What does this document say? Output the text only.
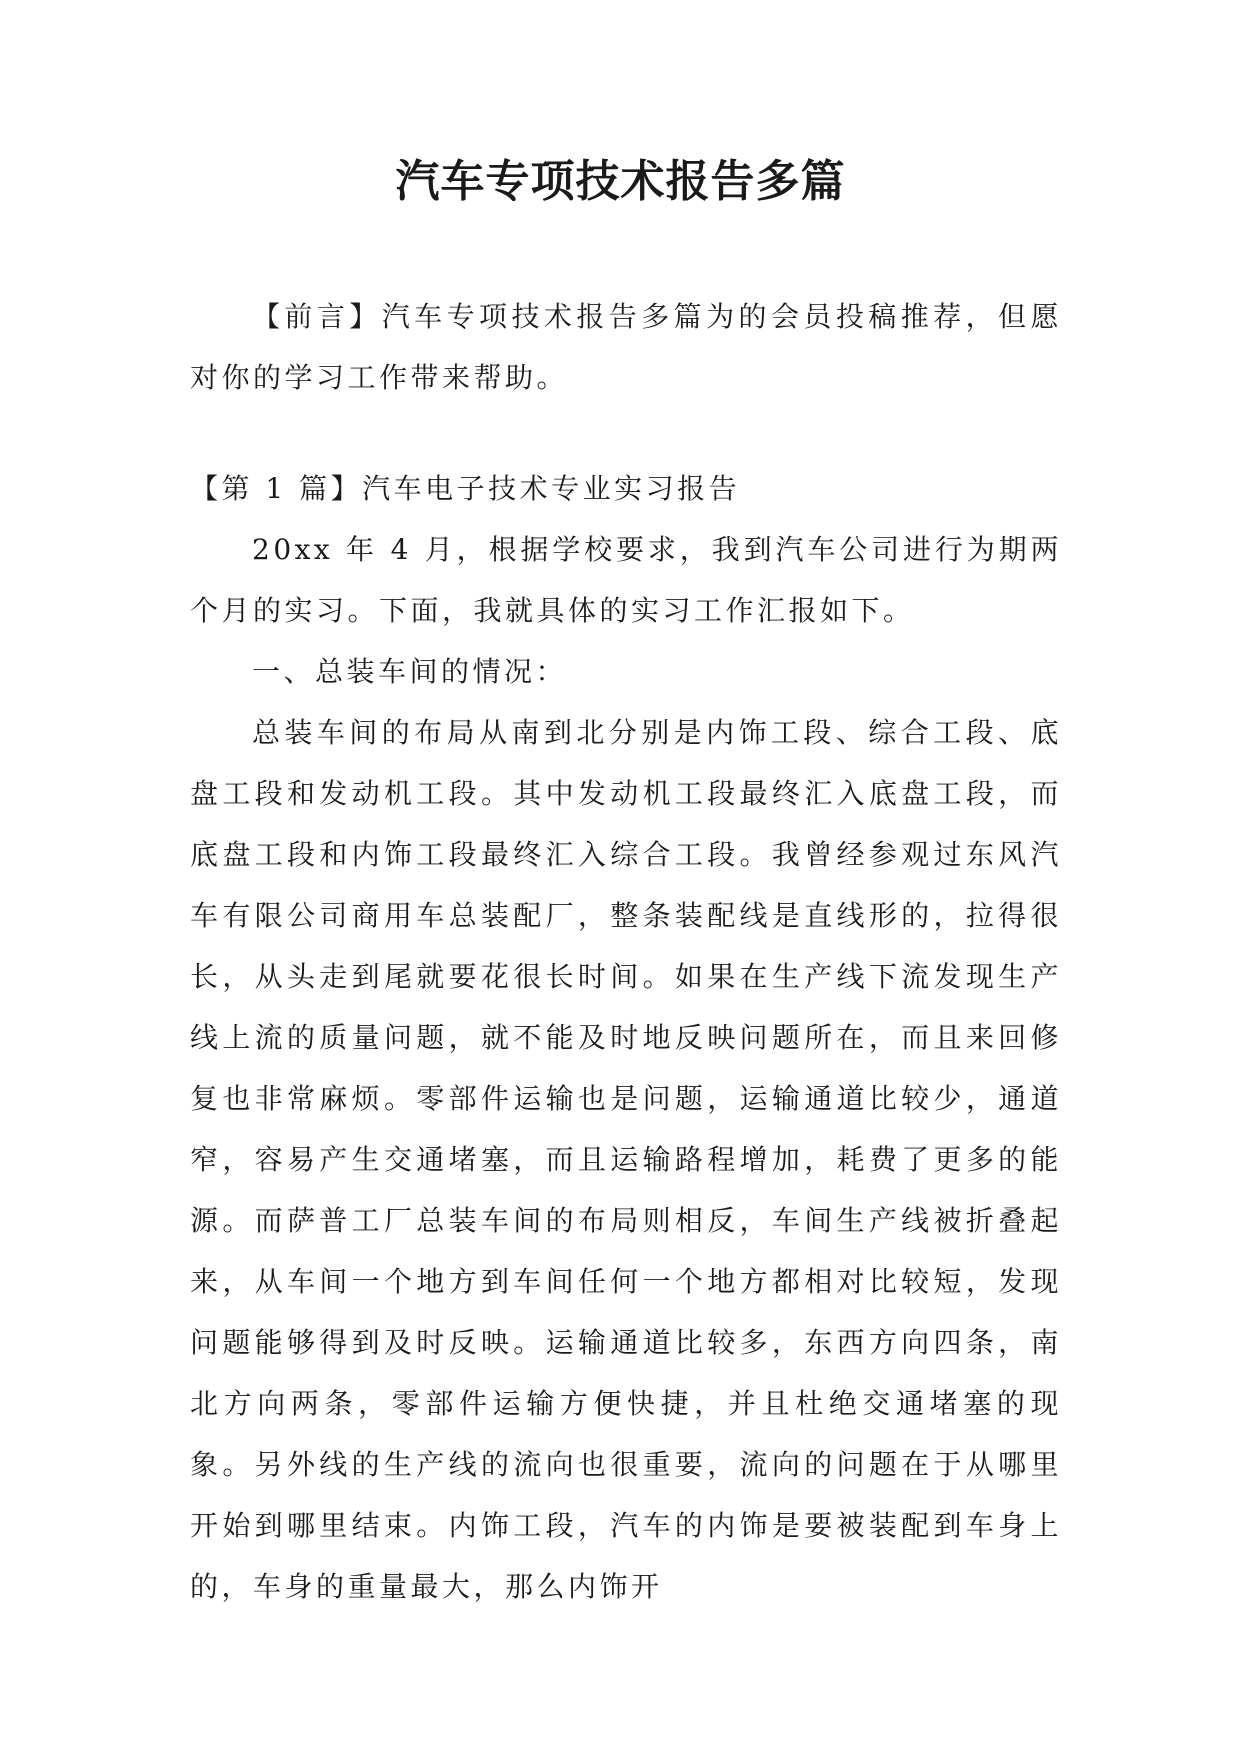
汽车专项技术报告多篇

【前言】汽车专项技术报告多篇为的会员投稿推荐，但愿对你的学习工作带来帮助。

【第 1 篇】汽车电子技术专业实习报告

20xx 年 4 月，根据学校要求，我到汽车公司进行为期两个月的实习。下面，我就具体的实习工作汇报如下。

一、总装车间的情况：

总装车间的布局从南到北分别是内饰工段、综合工段、底盘工段和发动机工段。其中发动机工段最终汇入底盘工段，而底盘工段和内饰工段最终汇入综合工段。我曾经参观过东风汽车有限公司商用车总装配厂，整条装配线是直线形的，拉得很长，从头走到尾就要花很长时间。如果在生产线下流发现生产线上流的质量问题，就不能及时地反映问题所在，而且来回修复也非常麻烦。零部件运输也是问题，运输通道比较少，通道窄，容易产生交通堵塞，而且运输路程增加，耗费了更多的能源。而萨普工厂总装车间的布局则相反，车间生产线被折叠起来，从车间一个地方到车间任何一个地方都相对比较短，发现问题能够得到及时反映。运输通道比较多，东西方向四条，南北方向两条，零部件运输方便快捷，并且杜绝交通堵塞的现象。另外线的生产线的流向也很重要，流向的问题在于从哪里开始到哪里结束。内饰工段，汽车的内饰是要被装配到车身上的，车身的重量最大，那么内饰开
